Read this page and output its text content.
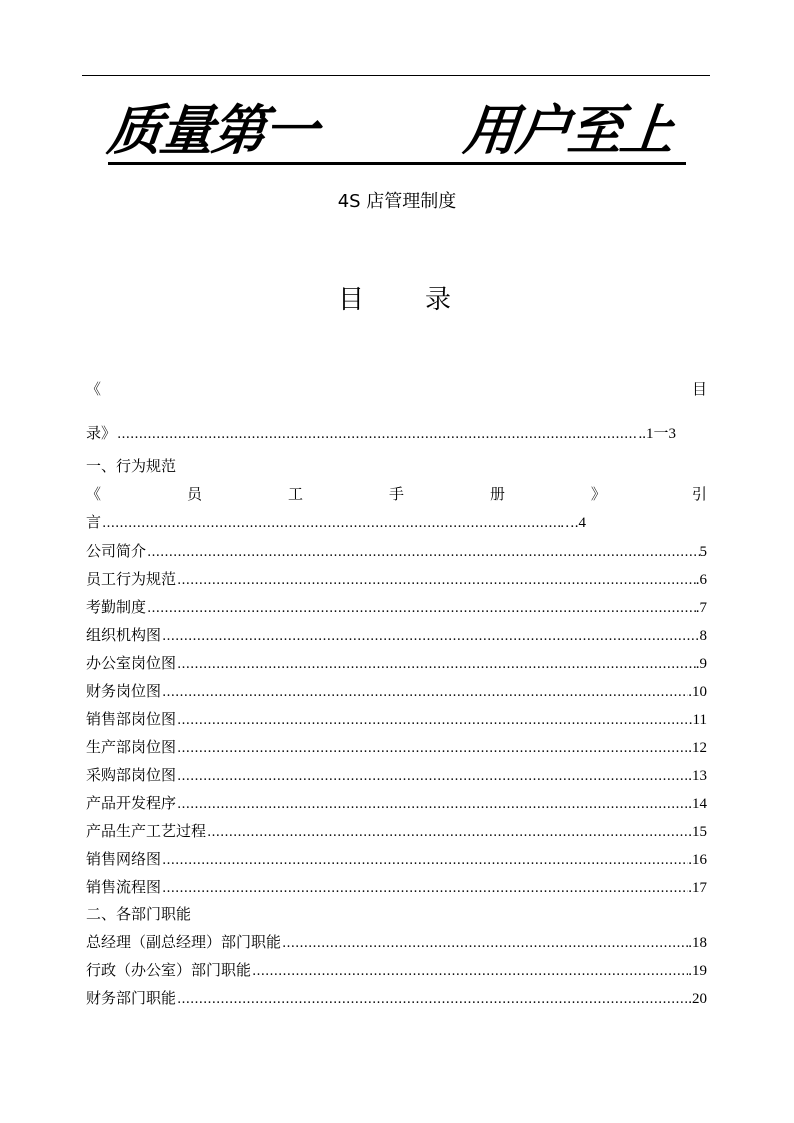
质量第一	用户至上
4S 店管理制度
目 录
《	目
录》 ……………………………………………………………………………………………………………………………………………………………	..1一3
一、行为规范
《	员	工	手	册	》	引
言 ……………………………………………………………………………………………………………………………………………………………	….4
公司简介 ……………………………………………………………………………………………………………………………………………………………	5
员工行为规范 ……………………………………………………………………………………………………………………………………………………………	.6
考勤制度 ……………………………………………………………………………………………………………………………………………………………	.7
组织机构图 ……………………………………………………………………………………………………………………………………………………………	8
办公室岗位图 ……………………………………………………………………………………………………………………………………………………………	.9
财务岗位图 ……………………………………………………………………………………………………………………………………………………………	.10
销售部岗位图 ……………………………………………………………………………………………………………………………………………………………	.11
生产部岗位图 ……………………………………………………………………………………………………………………………………………………………	.12
采购部岗位图 ……………………………………………………………………………………………………………………………………………………………	.13
产品开发程序 ……………………………………………………………………………………………………………………………………………………………	.14
产品生产工艺过程 ……………………………………………………………………………………………………………………………………………………………	.15
销售网络图 ……………………………………………………………………………………………………………………………………………………………	.16
销售流程图 ……………………………………………………………………………………………………………………………………………………………	.17
二、各部门职能
总经理（副总经理）部门职能 ……………………………………………………………………………………………………………………………………………………………	.18
行政（办公室）部门职能 ……………………………………………………………………………………………………………………………………………………………	.19
财务部门职能 ……………………………………………………………………………………………………………………………………………………………	.20
